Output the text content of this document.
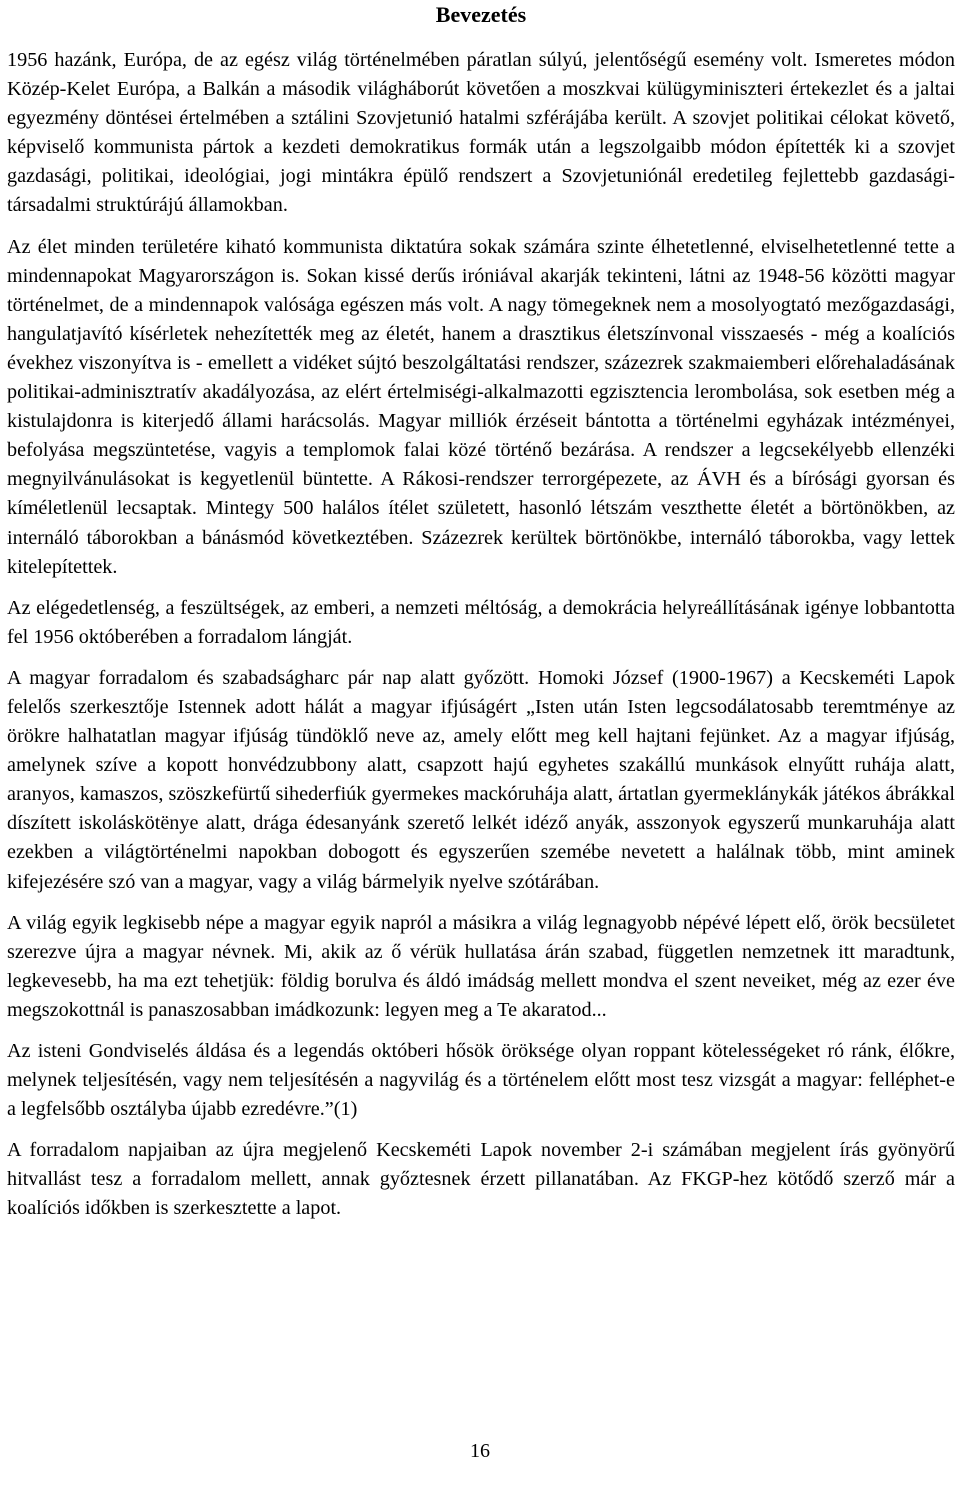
Bevezetés

1956 hazánk, Európa, de az egész világ történelmében páratlan súlyú, jelentőségű esemény volt. Ismeretes módon Közép-Kelet Európa, a Balkán a második világháborút követően a moszkvai külügyminiszteri értekezlet és a jaltai egyezmény döntései értelmében a sztálini Szovjetunió hatalmi szférájába került. A szovjet politikai célokat követő, képviselő kommunista pártok a kezdeti demokratikus formák után a legszolgaibb módon építették ki a szovjet gazdasági, politikai, ideológiai, jogi mintákra épülő rendszert a Szovjetuniónál eredetileg fejlettebb gazdasági-társadalmi struktúrájú államokban.

Az élet minden területére kiható kommunista diktatúra sokak számára szinte élhetetlenné, elviselhetetlenné tette a mindennapokat Magyarországon is. Sokan kissé derűs iróniával akarják tekinteni, látni az 1948-56 közötti magyar történelmet, de a mindennapok valósága egészen más volt. A nagy tömegeknek nem a mosolyogtató mezőgazdasági, hangulatjavító kísérletek nehezítették meg az életét, hanem a drasztikus életszínvonal visszaesés - még a koalíciós évekhez viszonyítva is - emellett a vidéket sújtó beszolgáltatási rendszer, százezrek szakmaiemberi előrehaladásának politikai-adminisztratív akadályozása, az elért értelmiségi-alkalmazotti egzisztencia lerombolása, sok esetben még a kistulajdonra is kiterjedő állami harácsolás. Magyar milliók érzéseit bántotta a történelmi egyházak intézményei, befolyása megszüntetése, vagyis a templomok falai közé történő bezárása. A rendszer a legcsekélyebb ellenzéki megnyilvánulásokat is kegyetlenül büntette. A Rákosi-rendszer terrorgépezete, az ÁVH és a bírósági gyorsan és kíméletlenül lecsaptak. Mintegy 500 halálos ítélet született, hasonló létszám veszthette életét a börtönökben, az internáló táborokban a bánásmód következtében. Százezrek kerültek börtönökbe, internáló táborokba, vagy lettek kitelepítettek.

Az elégedetlenség, a feszültségek, az emberi, a nemzeti méltóság, a demokrácia helyreállításának igénye lobbantotta fel 1956 októberében a forradalom lángját.

A magyar forradalom és szabadságharc pár nap alatt győzött. Homoki József (1900-1967) a Kecskeméti Lapok felelős szerkesztője Istennek adott hálát a magyar ifjúságért „Isten után Isten legcsodálatosabb teremtménye az örökre halhatatlan magyar ifjúság tündöklő neve az, amely előtt meg kell hajtani fejünket. Az a magyar ifjúság, amelynek szíve a kopott honvédzubbony alatt, csapzott hajú egyhetes szakállú munkások elnyűtt ruhája alatt, aranyos, kamaszos, szöszkefürtű sihederfiúk gyermekes mackóruhája alatt, ártatlan gyermeklánykák játékos ábrákkal díszített iskoláskötënye alatt, drága édesanyánk szerető lelkét idéző anyák, asszonyok egyszerű munkaruhája alatt ezekben a világtörténelmi napokban dobogott és egyszerűen szemébe nevetett a halálnak több, mint aminek kifejezésére szó van a magyar, vagy a világ bármelyik nyelve szótárában.

A világ egyik legkisebb népe a magyar egyik napról a másikra a világ legnagyobb népévé lépett elő, örök becsületet szerezve újra a magyar névnek. Mi, akik az ő vérük hullatása árán szabad, független nemzetnek itt maradtunk, legkevesebb, ha ma ezt tehetjük: földig borulva és áldó imádság mellett mondva el szent neveiket, még az ezer éve megszokottnál is panaszosabban imádkozunk: legyen meg a Te akaratod...

Az isteni Gondviselés áldása és a legendás októberi hősök öröksége olyan roppant kötelességeket ró ránk, élőkre, melynek teljesítésén, vagy nem teljesítésén a nagyvilág és a történelem előtt most tesz vizsgát a magyar: felléphet-e a legfelsőbb osztályba újabb ezredévre.”(1)

A forradalom napjaiban az újra megjelenő Kecskeméti Lapok november 2-i számában megjelent írás gyönyörű hitvallást tesz a forradalom mellett, annak győztesnek érzett pillanatában. Az FKGP-hez kötődő szerző már a koalíciós időkben is szerkesztette a lapot.

16
